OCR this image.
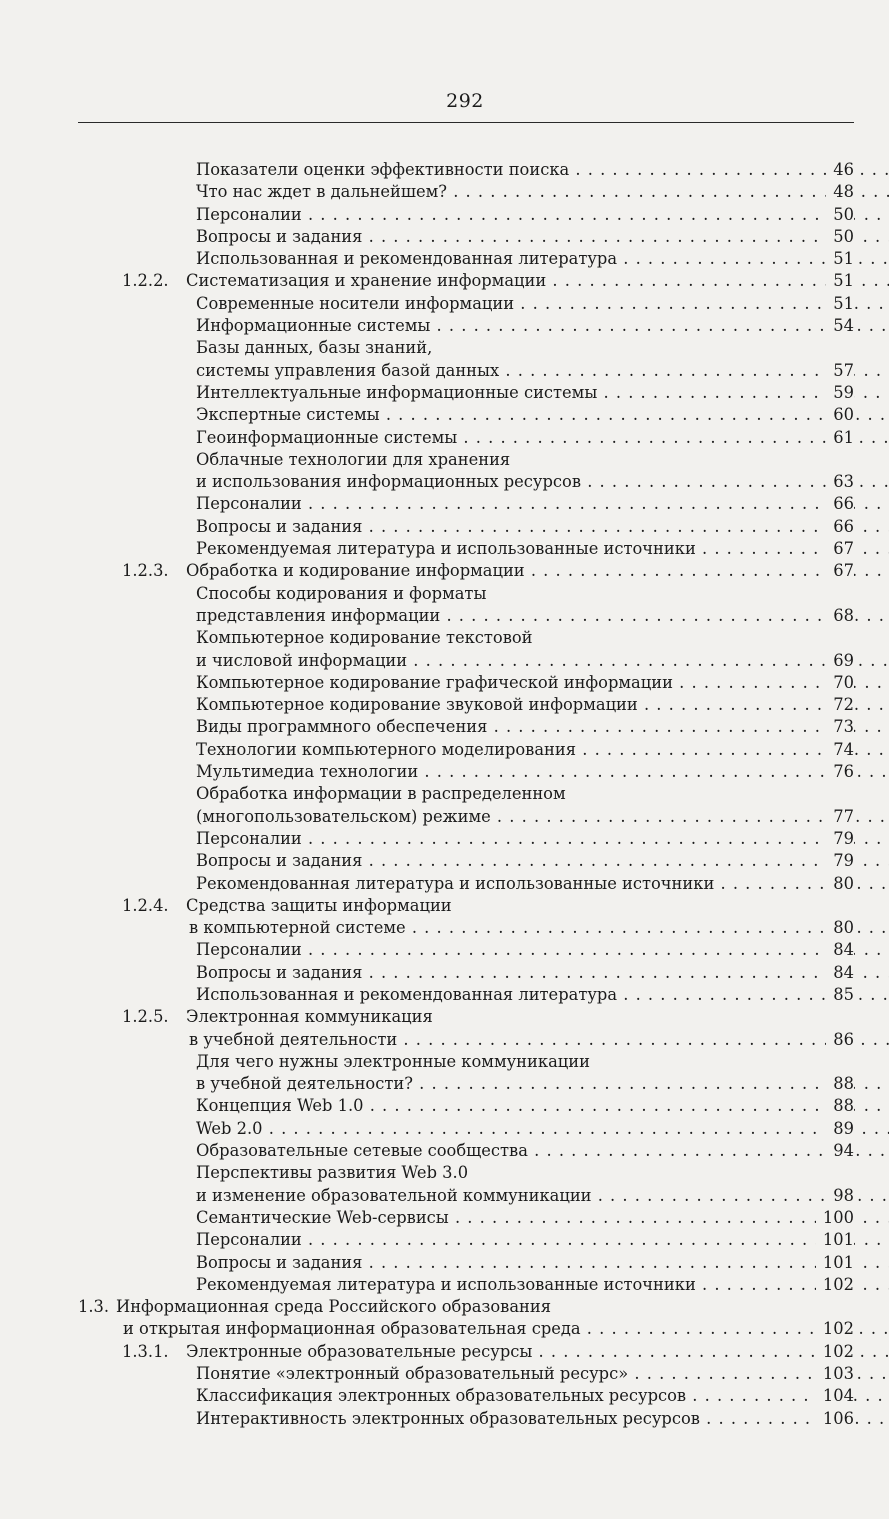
292
Показатели оценки эффективности поиска . . .	46
Что нас ждет в дальнейшем? . . .	48
Персоналии . . .	50
Вопросы и задания . . .	50
Использованная и рекомендованная литература . . .	51
1.2.2. Систематизация и хранение информации . . .	51
Современные носители информации . . .	51
Информационные системы . . .	54
Базы данных, базы знаний,
системы управления базой данных . . .	57
Интеллектуальные информационные системы . . .	59
Экспертные системы . . .	60
Геоинформационные системы . . .	61
Облачные технологии для хранения
и использования информационных ресурсов . . .	63
Персоналии . . .	66
Вопросы и задания . . .	66
Рекомендуемая литература и использованные источники . . .	67
1.2.3. Обработка и кодирование информации . . .	67
Способы кодирования и форматы
представления информации . . .	68
Компьютерное кодирование текстовой
и числовой информации . . .	69
Компьютерное кодирование графической информации . . .	70
Компьютерное кодирование звуковой информации . . .	72
Виды программного обеспечения . . .	73
Технологии компьютерного моделирования . . .	74
Мультимедиа технологии . . .	76
Обработка информации в распределенном
(многопользовательском) режиме . . .	77
Персоналии . . .	79
Вопросы и задания . . .	79
Рекомендованная литература и использованные источники . . .	80
1.2.4. Средства защиты информации
в компьютерной системе . . .	80
Персоналии . . .	84
Вопросы и задания . . .	84
Использованная и рекомендованная литература . . .	85
1.2.5. Электронная коммуникация
в учебной деятельности . . .	86
Для чего нужны электронные коммуникации
в учебной деятельности? . . .	88
Концепция Web 1.0 . . .	88
Web 2.0 . . .	89
Образовательные сетевые сообщества . . .	94
Перспективы развития Web 3.0
и изменение образовательной коммуникации . . .	98
Семантические Web-сервисы . . .	100
Персоналии . . .	101
Вопросы и задания . . .	101
Рекомендуемая литература и использованные источники . . .	102
1.3. Информационная среда Российского образования
и открытая информационная образовательная среда . . .	102
1.3.1. Электронные образовательные ресурсы . . .	102
Понятие «электронный образовательный ресурс» . . .	103
Классификация электронных образовательных ресурсов . . .	104
Интерактивность электронных образовательных ресурсов . . .	106
